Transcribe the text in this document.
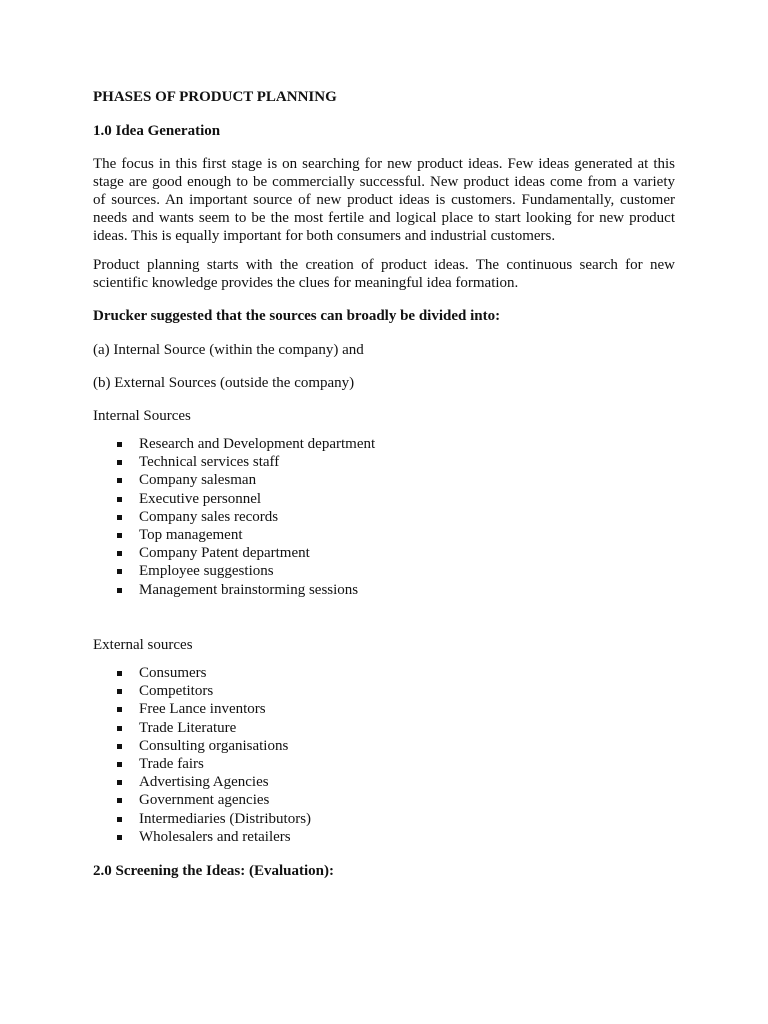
PHASES OF PRODUCT PLANNING
1.0 Idea Generation
The focus in this first stage is on searching for new product ideas. Few ideas generated at this
stage are good enough to be commercially successful. New product ideas come from a variety
of sources. An important source of new product ideas is customers. Fundamentally, customer
needs and wants seem to be the most fertile and logical place to start looking for new product
ideas. This is equally important for both consumers and industrial customers.
Product planning starts with the creation of product ideas. The continuous search for new
scientific knowledge provides the clues for meaningful idea formation.
Drucker suggested that the sources can broadly be divided into:
(a) Internal Source (within the company) and
(b) External Sources (outside the company)
Internal Sources
Research and Development department
Technical services staff
Company salesman
Executive personnel
Company sales records
Top management
Company Patent department
Employee suggestions
Management brainstorming sessions
External sources
Consumers
Competitors
Free Lance inventors
Trade Literature
Consulting organisations
Trade fairs
Advertising Agencies
Government agencies
Intermediaries (Distributors)
Wholesalers and retailers
2.0 Screening the Ideas: (Evaluation):
